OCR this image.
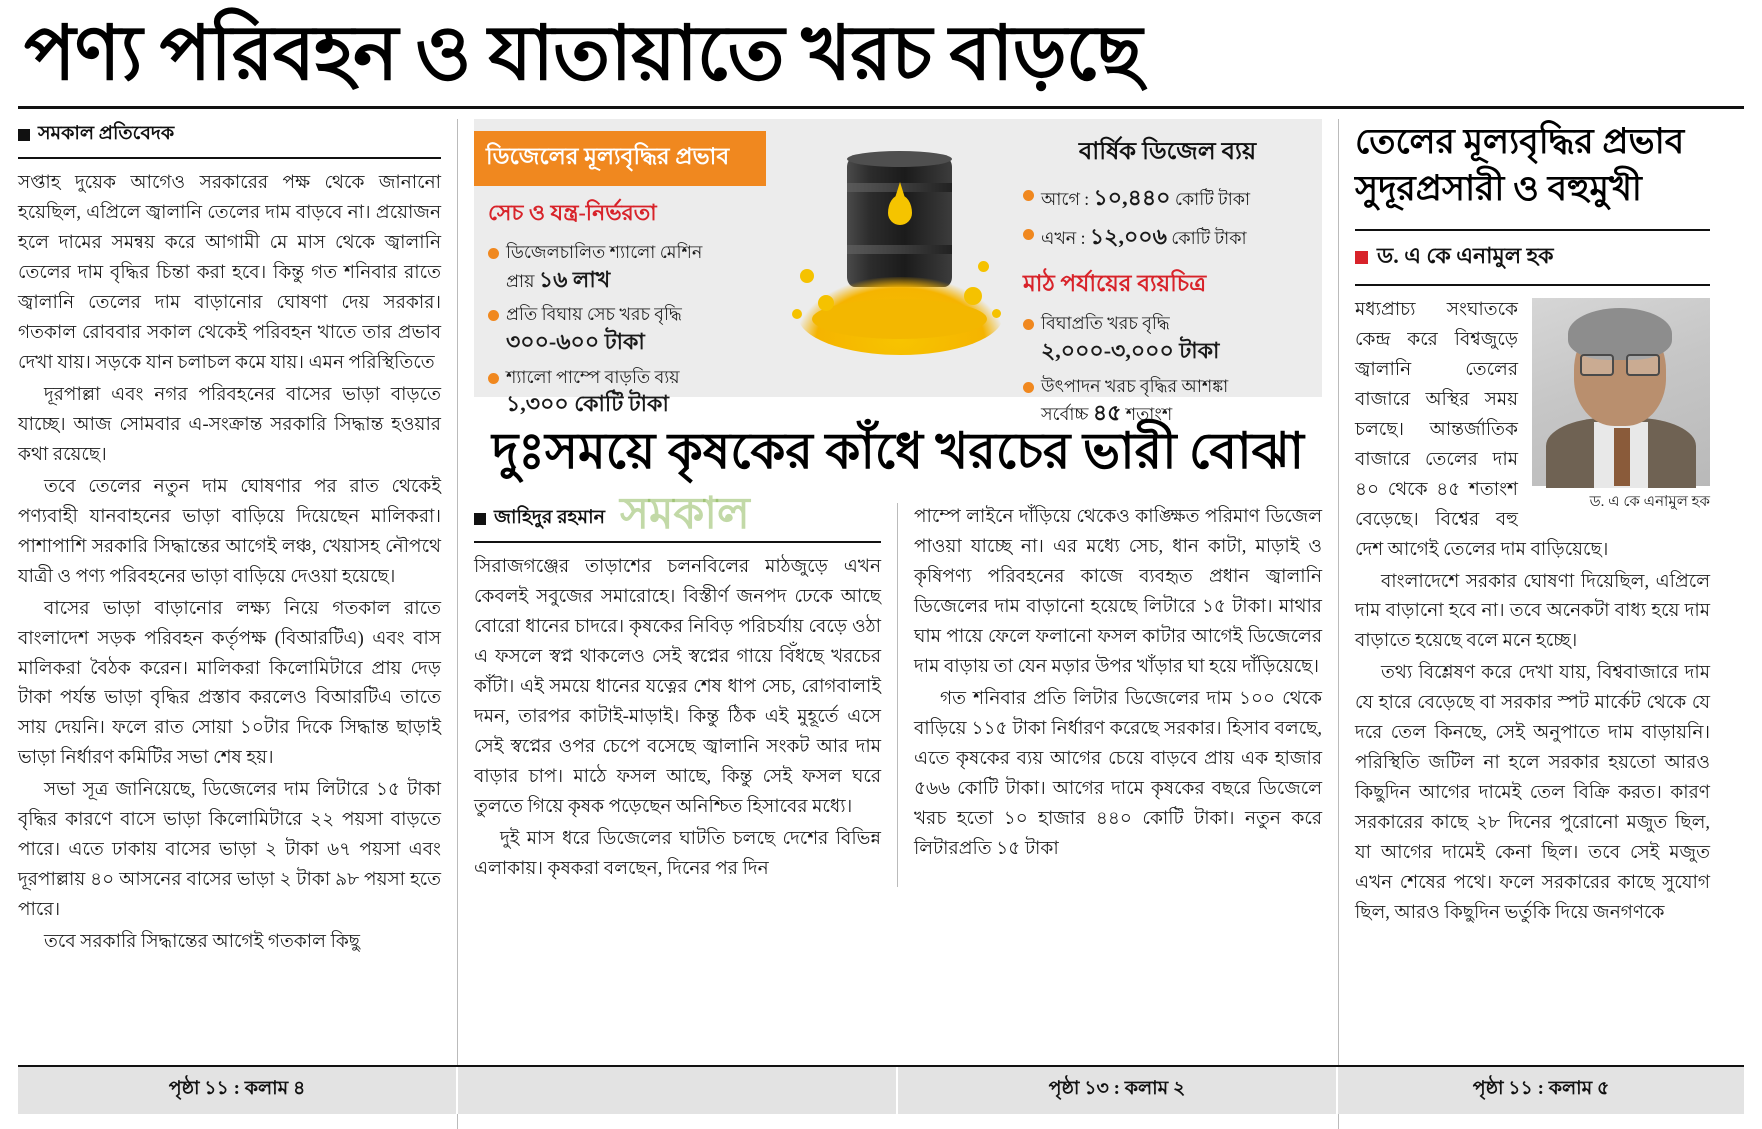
পণ্য পরিবহন ও যাতায়াতে খরচ বাড়ছে
সমকাল প্রতিবেদক

সপ্তাহ দুয়েক আগেও সরকারের পক্ষ থেকে জানানো হয়েছিল, এপ্রিলে জ্বালানি তেলের দাম বাড়বে না। প্রয়োজন হলে দামের সমন্বয় করে আগামী মে মাস থেকে জ্বালানি তেলের দাম বৃদ্ধির চিন্তা করা হবে। কিন্তু গত শনিবার রাতে জ্বালানি তেলের দাম বাড়ানোর ঘোষণা দেয় সরকার। গতকাল রোববার সকাল থেকেই পরিবহন খাতে তার প্রভাব দেখা যায়। সড়কে যান চলাচল কমে যায়। এমন পরিস্থিতিতে

দূরপাল্লা এবং নগর পরিবহনের বাসের ভাড়া বাড়তে যাচ্ছে। আজ সোমবার এ-সংক্রান্ত সরকারি সিদ্ধান্ত হওয়ার কথা রয়েছে।

তবে তেলের নতুন দাম ঘোষণার পর রাত থেকেই পণ্যবাহী যানবাহনের ভাড়া বাড়িয়ে দিয়েছেন মালিকরা। পাশাপাশি সরকারি সিদ্ধান্তের আগেই লঞ্চ, খেয়াসহ নৌপথে যাত্রী ও পণ্য পরিবহনের ভাড়া বাড়িয়ে দেওয়া হয়েছে।

বাসের ভাড়া বাড়ানোর লক্ষ্য নিয়ে গতকাল রাতে বাংলাদেশ সড়ক পরিবহন কর্তৃপক্ষ (বিআরটিএ) এবং বাস মালিকরা বৈঠক করেন। মালিকরা কিলোমিটারে প্রায় দেড় টাকা পর্যন্ত ভাড়া বৃদ্ধির প্রস্তাব করলেও বিআরটিএ তাতে সায় দেয়নি। ফলে রাত সোয়া ১০টার দিকে সিদ্ধান্ত ছাড়াই ভাড়া নির্ধারণ কমিটির সভা শেষ হয়।

সভা সূত্র জানিয়েছে, ডিজেলের দাম লিটারে ১৫ টাকা বৃদ্ধির কারণে বাসে ভাড়া কিলোমিটারে ২২ পয়সা বাড়তে পারে। এতে ঢাকায় বাসের ভাড়া ২ টাকা ৬৭ পয়সা এবং দূরপাল্লায় ৪০ আসনের বাসের ভাড়া ২ টাকা ৯৮ পয়সা হতে পারে।

তবে সরকারি সিদ্ধান্তের আগেই গতকাল কিছু

ডিজেলের মূল্যবৃদ্ধির প্রভাব
সেচ ও যন্ত্র-নির্ভরতা
ডিজেলচালিত শ্যালো মেশিন
প্রায় ১৬ লাখ
প্রতি বিঘায় সেচ খরচ বৃদ্ধি
৩০০-৬০০ টাকা
শ্যালো পাম্পে বাড়তি ব্যয়
১,৩০০ কোটি টাকা
বার্ষিক ডিজেল ব্যয়
আগে : ১০,৪৪০ কোটি টাকা
এখন : ১২,০০৬ কোটি টাকা
মাঠ পর্যায়ের ব্যয়চিত্র
বিঘাপ্রতি খরচ বৃদ্ধি
২,০০০-৩,০০০ টাকা
উৎপাদন খরচ বৃদ্ধির আশঙ্কা
সর্বোচ্চ ৪৫ শতাংশ
দুঃসময়ে কৃষকের কাঁধে খরচের ভারী বোঝা
জাহিদুর রহমান

সিরাজগঞ্জের তাড়াশের চলনবিলের মাঠজুড়ে এখন কেবলই সবুজের সমারোহে। বিস্তীর্ণ জনপদ ঢেকে আছে বোরো ধানের চাদরে। কৃষকের নিবিড় পরিচর্যায় বেড়ে ওঠা এ ফসলে স্বপ্ন থাকলেও সেই স্বপ্নের গায়ে বিঁধছে খরচের কাঁটা। এই সময়ে ধানের যত্নের শেষ ধাপ সেচ, রোগবালাই দমন, তারপর কাটাই-মাড়াই। কিন্তু ঠিক এই মুহূর্তে এসে সেই স্বপ্নের ওপর চেপে বসেছে জ্বালানি সংকট আর দাম বাড়ার চাপ। মাঠে ফসল আছে, কিন্তু সেই ফসল ঘরে তুলতে গিয়ে কৃষক পড়েছেন অনিশ্চিত হিসাবের মধ্যে।

দুই মাস ধরে ডিজেলের ঘাটতি চলছে দেশের বিভিন্ন এলাকায়। কৃষকরা বলছেন, দিনের পর দিন

পাম্পে লাইনে দাঁড়িয়ে থেকেও কাঙ্ক্ষিত পরিমাণ ডিজেল পাওয়া যাচ্ছে না। এর মধ্যে সেচ, ধান কাটা, মাড়াই ও কৃষিপণ্য পরিবহনের কাজে ব্যবহৃত প্রধান জ্বালানি ডিজেলের দাম বাড়ানো হয়েছে লিটারে ১৫ টাকা। মাথার ঘাম পায়ে ফেলে ফলানো ফসল কাটার আগেই ডিজেলের দাম বাড়ায় তা যেন মড়ার উপর খাঁড়ার ঘা হয়ে দাঁড়িয়েছে।

গত শনিবার প্রতি লিটার ডিজেলের দাম ১০০ থেকে বাড়িয়ে ১১৫ টাকা নির্ধারণ করেছে সরকার। হিসাব বলছে, এতে কৃষকের ব্যয় আগের চেয়ে বাড়বে প্রায় এক হাজার ৫৬৬ কোটি টাকা। আগের দামে কৃষকের বছরে ডিজেলে খরচ হতো ১০ হাজার ৪৪০ কোটি টাকা। নতুন করে লিটারপ্রতি ১৫ টাকা

তেলের মূল্যবৃদ্ধির প্রভাব সুদূরপ্রসারী ও বহুমুখী
ড. এ কে এনামুল হক
ড. এ কে এনামুল হক

মধ্যপ্রাচ্য সংঘাতকে কেন্দ্র করে বিশ্বজুড়ে জ্বালানি তেলের বাজারে অস্থির সময় চলছে। আন্তর্জাতিক বাজারে তেলের দাম ৪০ থেকে ৪৫ শতাংশ বেড়েছে। বিশ্বের বহু দেশ আগেই তেলের দাম বাড়িয়েছে।

বাংলাদেশে সরকার ঘোষণা দিয়েছিল, এপ্রিলে দাম বাড়ানো হবে না। তবে অনেকটা বাধ্য হয়ে দাম বাড়াতে হয়েছে বলে মনে হচ্ছে।

তথ্য বিশ্লেষণ করে দেখা যায়, বিশ্ববাজারে দাম যে হারে বেড়েছে বা সরকার স্পট মার্কেট থেকে যে দরে তেল কিনছে, সেই অনুপাতে দাম বাড়ায়নি। পরিস্থিতি জটিল না হলে সরকার হয়তো আরও কিছুদিন আগের দামেই তেল বিক্রি করত। কারণ সরকারের কাছে ২৮ দিনের পুরোনো মজুত ছিল, যা আগের দামেই কেনা ছিল। তবে সেই মজুত এখন শেষের পথে। ফলে সরকারের কাছে সুযোগ ছিল, আরও কিছুদিন ভর্তুকি দিয়ে জনগণকে

সমকাল
পৃষ্ঠা ১১ : কলাম ৪
	পৃষ্ঠা ১৩ : কলাম ২	পৃষ্ঠা ১১ : কলাম ৫
